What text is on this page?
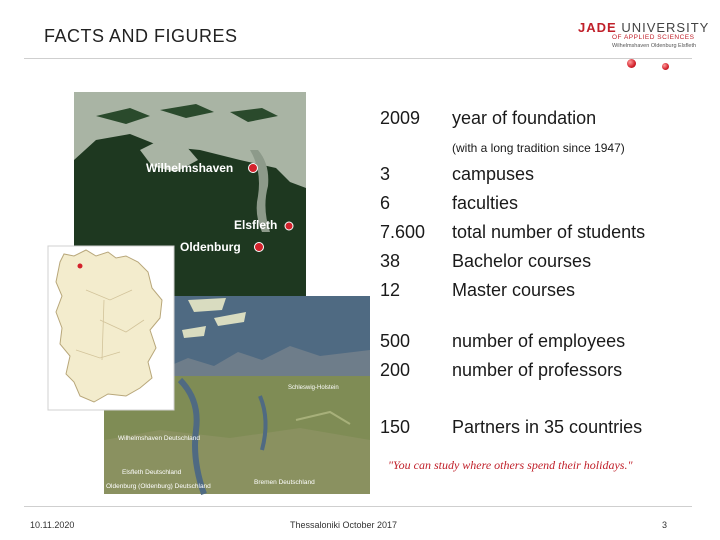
FACTS AND FIGURES	JADE UNIVERSITY
OF APPLIED SCIENCES
Wilhelmshaven Oldenburg Elsfleth
Wilhelmshaven
Elsfleth
Oldenburg
Schleswig-Holstein
Wilhelmshaven Deutschland
Elsfleth Deutschland
Oldenburg (Oldenburg) Deutschland
Bremen Deutschland
2009	year of foundation
(with a long tradition since 1947)
3	campuses
6	faculties
7.600	total number of students
38	Bachelor courses
12	Master courses
500	number of employees
200	number of professors
150	Partners in 35 countries
"You can study where others spend their holidays."
10.11.2020	Thessaloniki October 2017	3
